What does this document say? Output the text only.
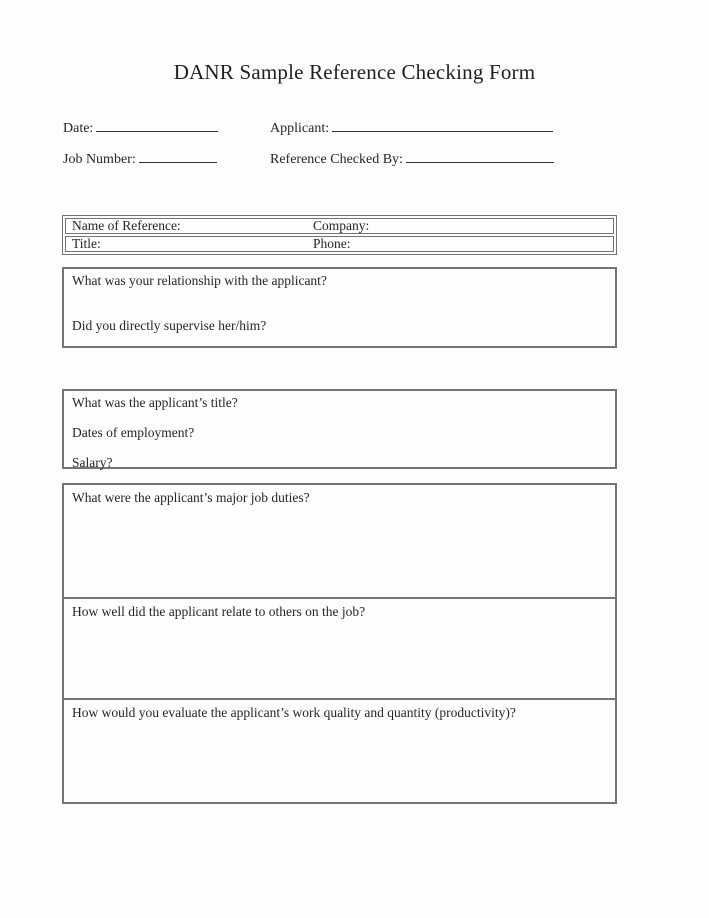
DANR Sample Reference Checking Form
Date:	Applicant:
Job Number:	Reference Checked By:
Name of Reference:	Company:
Title:	Phone:

What was your relationship with the applicant?

Did you directly supervise her/him?

What was the applicant’s title?

Dates of employment?

Salary?

What were the applicant’s major job duties?

How well did the applicant relate to others on the job?

How would you evaluate the applicant’s work quality and quantity (productivity)?
